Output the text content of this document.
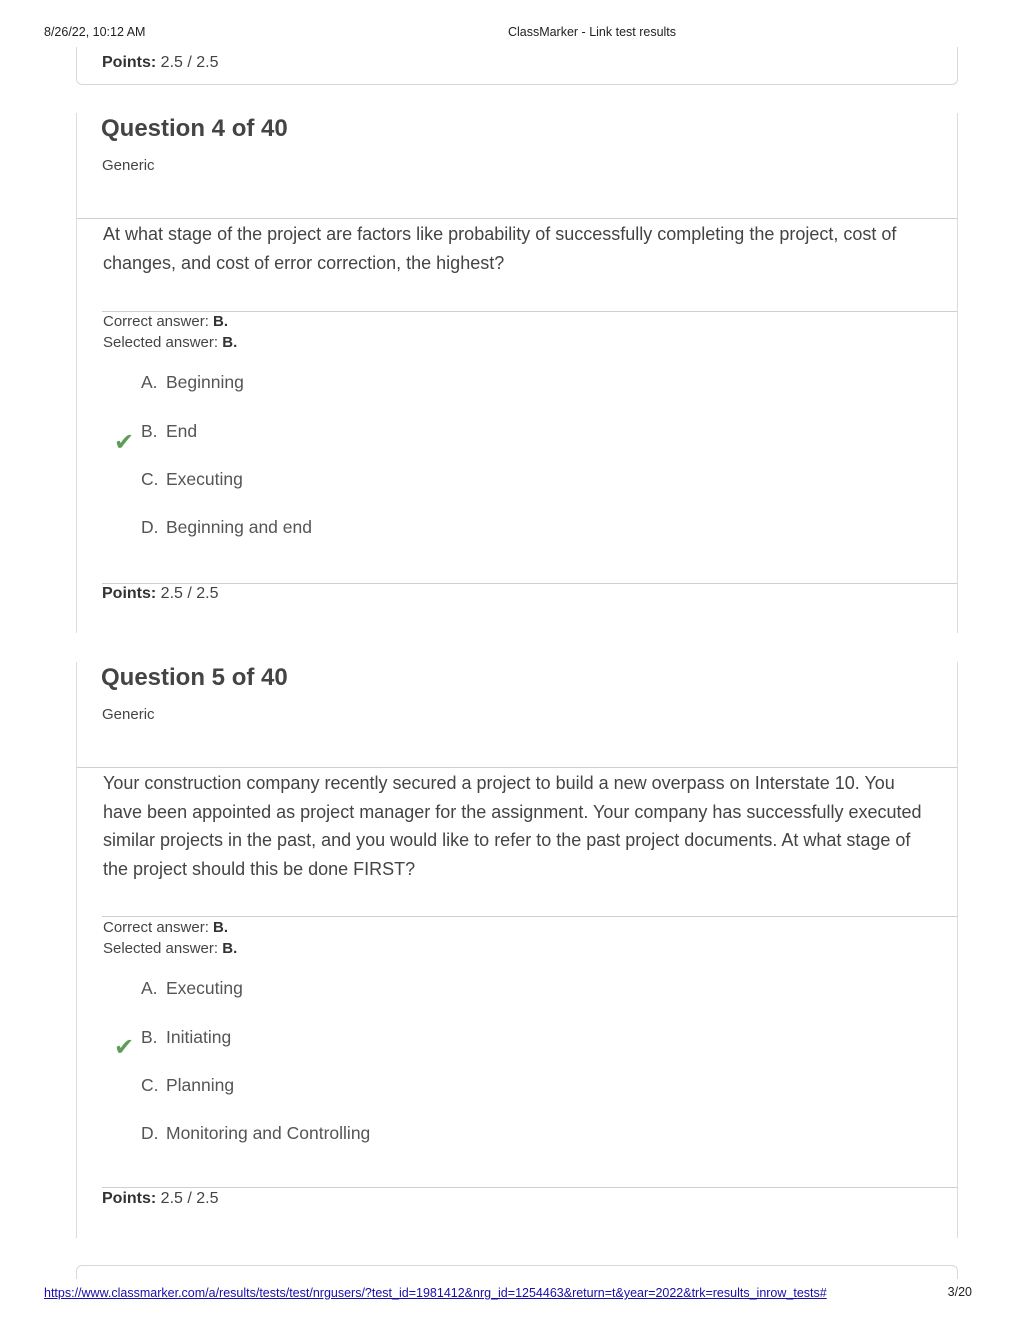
8/26/22, 10:12 AM	ClassMarker - Link test results
Points: 2.5 / 2.5
Question 4 of 40
Generic
At what stage of the project are factors like probability of successfully completing the project, cost of changes, and cost of error correction, the highest?
Correct answer: B.
Selected answer: B.
A. Beginning
✔ B. End
C. Executing
D. Beginning and end
Points: 2.5 / 2.5
Question 5 of 40
Generic
Your construction company recently secured a project to build a new overpass on Interstate 10. You have been appointed as project manager for the assignment. Your company has successfully executed similar projects in the past, and you would like to refer to the past project documents. At what stage of the project should this be done FIRST?
Correct answer: B.
Selected answer: B.
A. Executing
✔ B. Initiating
C. Planning
D. Monitoring and Controlling
Points: 2.5 / 2.5
https://www.classmarker.com/a/results/tests/test/nrgusers/?test_id=1981412&nrg_id=1254463&return=t&year=2022&trk=results_inrow_tests#	3/20
